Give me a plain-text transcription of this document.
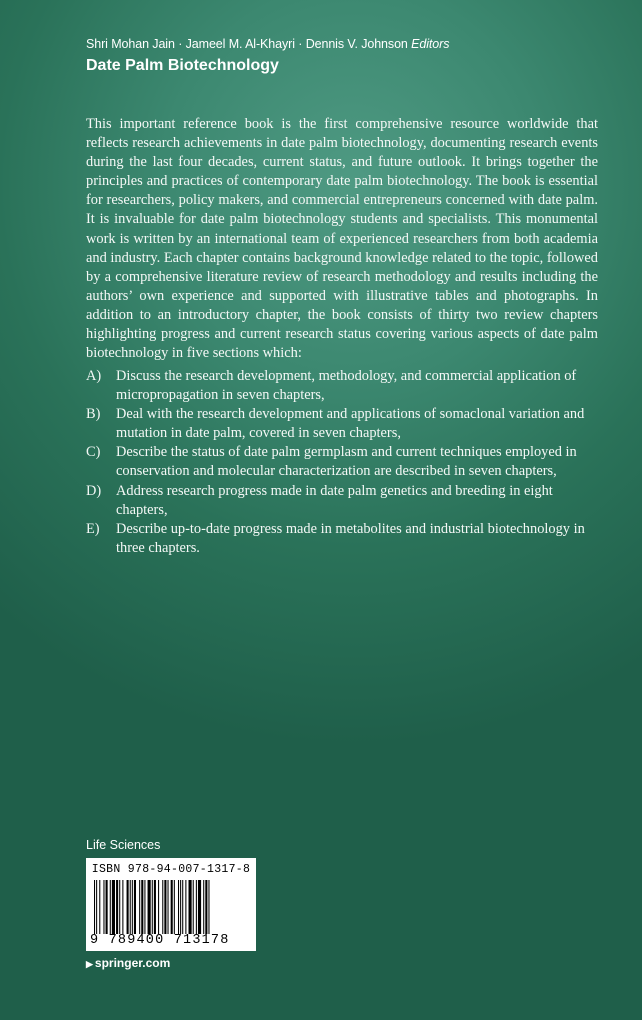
Shri Mohan Jain · Jameel M. Al-Khayri · Dennis V. Johnson Editors
Date Palm Biotechnology

This important reference book is the first comprehensive resource worldwide that reflects research achievements in date palm biotechnology, documenting research events during the last four decades, current status, and future outlook. It brings together the principles and practices of contemporary date palm biotechnology. The book is essential for researchers, policy makers, and commercial entrepreneurs concerned with date palm. It is invaluable for date palm biotechnology students and specialists. This monumental work is written by an international team of experienced researchers from both academia and industry. Each chapter contains background knowledge related to the topic, followed by a comprehensive literature review of research methodology and results including the authors’ own experience and supported with illustrative tables and photographs. In addition to an introductory chapter, the book consists of thirty two review chapters highlighting progress and current research status covering various aspects of date palm biotechnology in five sections which:

A)	Discuss the research development, methodology, and commercial application of micropropagation in seven chapters,
B)	Deal with the research development and applications of somaclonal variation and mutation in date palm, covered in seven chapters,
C)	Describe the status of date palm germplasm and current techniques employed in conservation and molecular characterization are described in seven chapters,
D)	Address research progress made in date palm genetics and breeding in eight chapters,
E)	Describe up-to-date progress made in metabolites and industrial biotechnology in three chapters.
Life Sciences
ISBN 978-94-007-1317-8
9 789400 713178
▶ springer.com
